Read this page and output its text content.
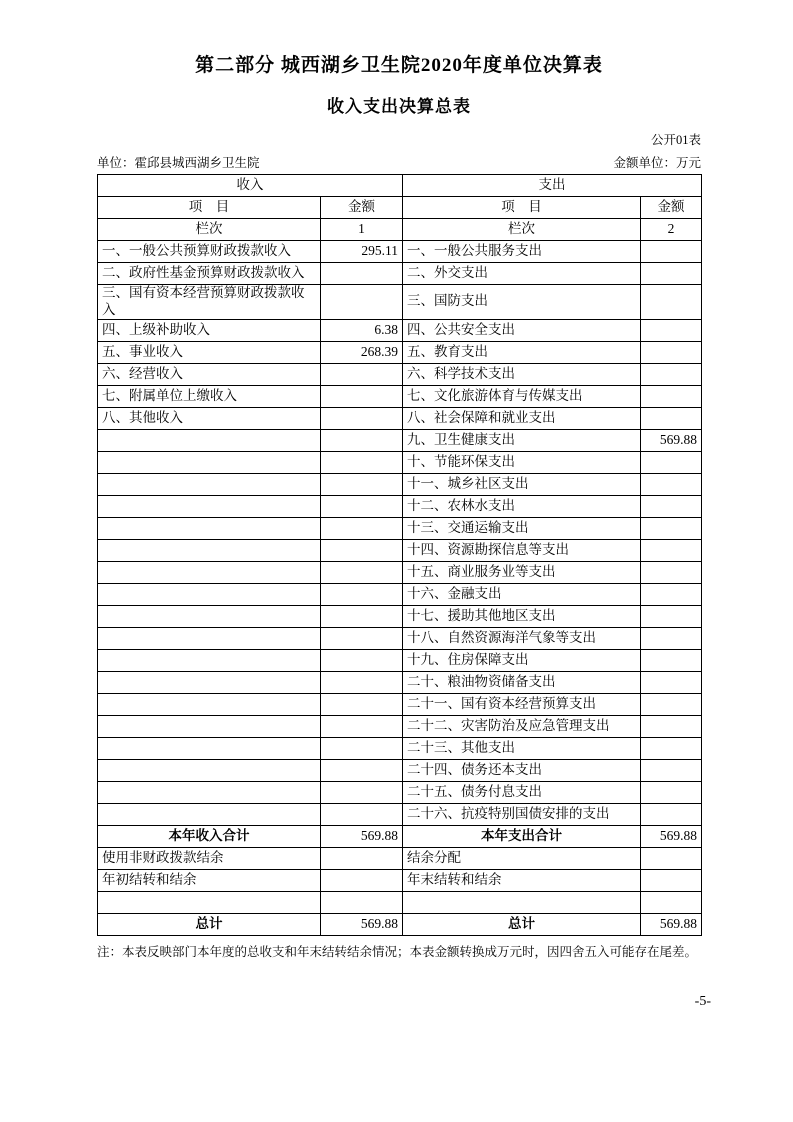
第二部分 城西湖乡卫生院2020年度单位决算表
收入支出决算总表
公开01表
单位：霍邱县城西湖乡卫生院	金额单位：万元
收入		支出	
项　目	金额	项　目	金额
栏次	1	栏次	2
一、一般公共预算财政拨款收入	295.11	一、一般公共服务支出	
二、政府性基金预算财政拨款收入		二、外交支出	
三、国有资本经营预算财政拨款收入		三、国防支出	
四、上级补助收入	6.38	四、公共安全支出	
五、事业收入	268.39	五、教育支出	
六、经营收入		六、科学技术支出	
七、附属单位上缴收入		七、文化旅游体育与传媒支出	
八、其他收入		八、社会保障和就业支出	
		九、卫生健康支出	569.88
		十、节能环保支出	
		十一、城乡社区支出	
		十二、农林水支出	
		十三、交通运输支出	
		十四、资源勘探信息等支出	
		十五、商业服务业等支出	
		十六、金融支出	
		十七、援助其他地区支出	
		十八、自然资源海洋气象等支出	
		十九、住房保障支出	
		二十、粮油物资储备支出	
		二十一、国有资本经营预算支出	
		二十二、灾害防治及应急管理支出	
		二十三、其他支出	
		二十四、债务还本支出	
		二十五、债务付息支出	
		二十六、抗疫特别国债安排的支出	
本年收入合计	569.88	本年支出合计	569.88
使用非财政拨款结余		结余分配	
年初结转和结余		年末结转和结余	

总计	569.88	总计	569.88
注：本表反映部门本年度的总收支和年末结转结余情况；本表金额转换成万元时，因四舍五入可能存在尾差。
-5-
